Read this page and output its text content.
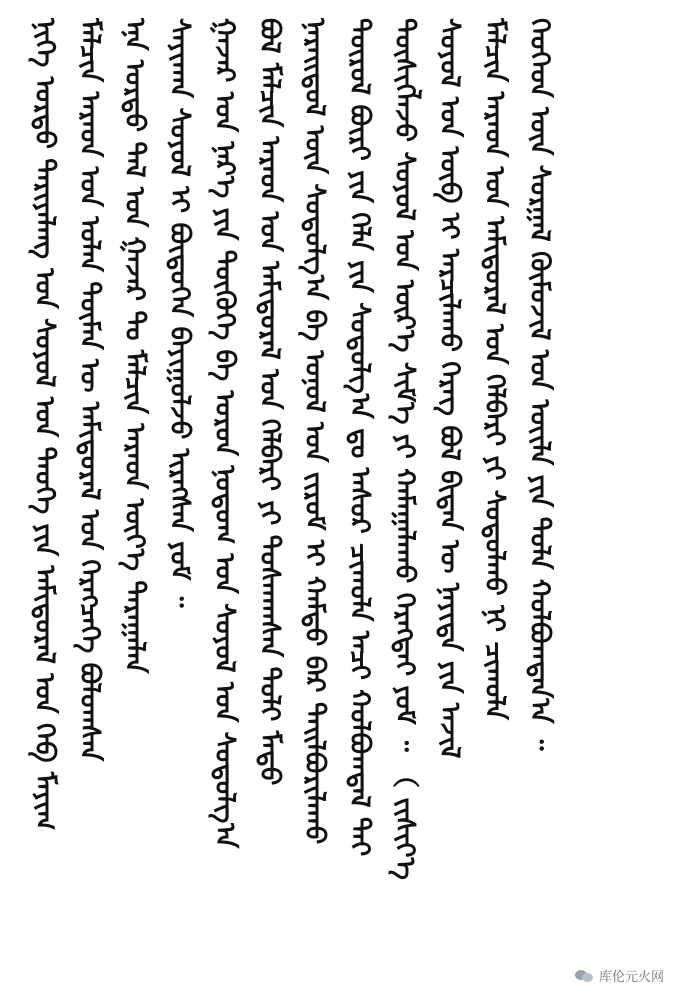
ᠨᠢᠭᠡ ᠤᠷᠲᠤ ᠲᠠᠷᠢᠶᠠᠯᠠᠩ ᠤᠨ ᠰᠣᠶᠣᠯ ᠤᠨ ᠲᠡᠦᠬᠡ ᠶᠢᠨ ᠠᠮᠢᠳᠤᠷᠠᠯ ᠤᠨ ᠬᠡᠪ ᠮᠠᠶᠢᠭ ᠮᠠᠯᠴᠢᠨ ᠠᠷᠠᠳ ᠤᠨ ᠣᠯᠠᠨ ᠲᠦᠮᠡᠨ ᠦ ᠠᠮᠢᠳᠤᠷᠠᠯ ᠤᠨ ᠬᠡᠷᠡᠭᠴᠡᠭᠡ ᠪᠣᠯᠤᠭᠰᠠᠨ ᠡᠨᠡ ᠤᠷᠲᠤ ᠲᠠᠯ ᠤᠨ ᠭᠠᠵᠠᠷ ᠲᠤ ᠮᠠᠯᠴᠢᠨ ᠠᠷᠠᠳ ᠦᠶ᠎ᠡ ᠳᠠᠷᠠᠭᠠᠯᠠᠨ ᠰᠠᠶᠢᠬᠠᠨ ᠰᠣᠶᠣᠯ ᠢ ᠪᠦᠲᠦᠭᠡᠨ ᠪᠠᠶᠢᠭᠤᠯᠵᠤ ᠢᠷᠡᠭᠰᠡᠨ ᠶᠤᠮ ᠃ ᠭᠠᠵᠠᠷ ᠤᠨ ᠨᠡᠷ᠎ᠡ ᠶᠢᠨ ᠲᠦᠬᠦᠬᠡ ᠪᠠ ᠣᠷᠣᠨ ᠨᠤᠲᠤᠭ ᠤᠨ ᠰᠣᠶᠣᠯ ᠤᠨ ᠰᠤᠳᠤᠯᠭ᠎ᠠ ᠪᠣᠯ ᠮᠠᠯᠴᠢᠨ ᠠᠷᠠᠳ ᠤᠨ ᠠᠮᠢᠳᠤᠷᠠᠯ ᠤᠨ ᠬᠡᠯᠪᠡᠷᠢ ᠶᠢ ᠲᠤᠰᠬᠠᠭᠰᠠᠨ ᠲᠣᠯᠢ ᠮᠡᠲᠦ ᠨᠡᠷᠡᠢᠳᠦᠯ ᠦᠨ ᠰᠤᠳᠤᠯᠭ᠎ᠠ ᠪᠠ ᠣᠨᠣᠯ ᠤᠨ ᠵᠢᠷᠤᠮ ᠢ ᠬᠠᠮᠲᠤ ᠪᠠᠷ ᠲᠠᠢᠯᠪᠤᠷᠢᠯᠠᠬᠤ ᠲᠥᠷᠥᠯ ᠪᠦᠷᠢ ᠶᠢᠨ ᠬᠡᠯᠡ ᠶᠢᠨ ᠰᠤᠳᠤᠯᠭ᠎ᠠ ᠳᠤ ᠠᠰᠤᠷ ᠴᠢᠬᠤᠯᠠ ᠠᠴᠢ ᠬᠣᠯᠪᠣᠭᠳᠠᠯ ᠲᠠᠢ ᠲᠦᠰᠢᠭᠯᠡᠵᠦ ᠰᠣᠶᠣᠯ ᠤᠨ ᠦᠷ᠎ᠡ ᠰᠢᠮ᠎ᠡ ᠶᠢ ᠬᠠᠮᠠᠭᠠᠯᠠᠬᠤ ᠬᠡᠷᠡᠭᠲᠡᠢ ᠶᠤᠮ ᠃ （ ᠵᠢᠱᠢᠶ᠎ᠡ ᠰᠣᠶᠣᠯ ᠤᠨ ᠦᠪ ᠢ ᠠᠷᠴᠢᠯᠠᠬᠤ ᠬᠡᠷᠡᠭ ᠪᠣᠯ ᠪᠢᠳᠡᠨ ᠦ ᠨᠡᠶᠢᠲᠡ ᠶᠢᠨ ᠠᠵᠢᠯ ᠮᠠᠯᠴᠢᠨ ᠠᠷᠠᠳ ᠤᠨ ᠠᠮᠢᠳᠤᠷᠠᠯ ᠤᠨ ᠬᠡᠯᠪᠡᠷᠢ ᠶᠢ ᠰᠤᠳᠤᠯᠬᠤ ᠨᠢ ᠴᠢᠬᠤᠯᠠ ᠬᠡᠦᠬᠡᠳ ᠦᠨ ᠰᠤᠷᠭᠠᠯ ᠬᠦᠮᠦᠵᠢᠯ ᠤᠨ ᠦᠢᠯᠡ ᠶᠢᠨ ᠲᠤᠯᠠ ᠬᠣᠯᠪᠣᠭᠳᠠᠨ᠎ᠠ ᠃
库伦元火网
